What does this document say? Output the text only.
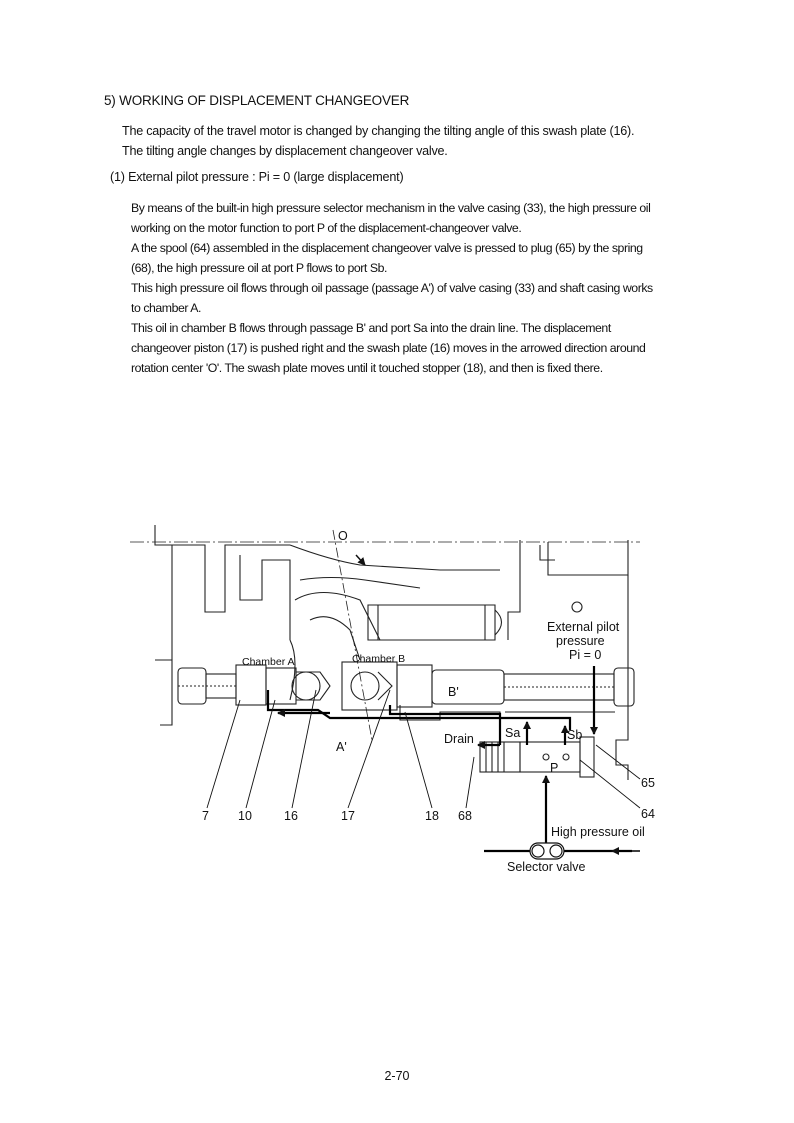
5) WORKING OF DISPLACEMENT CHANGEOVER
The capacity of the travel motor is changed by changing the tilting angle of this swash plate (16).
The tilting angle changes by displacement changeover valve.
(1) External pilot pressure : Pi = 0 (large displacement)
By means of the built-in high pressure selector mechanism in the valve casing (33), the high pressure oil
working on the motor function to port P of the displacement-changeover valve.
A the spool (64) assembled in the displacement changeover valve is pressed to plug (65) by the spring
(68), the high pressure oil at port P flows to port Sb.
This high pressure oil flows through oil passage (passage A') of valve casing (33) and shaft casing works
to chamber A.
This oil in chamber B flows through passage B' and port Sa into the drain line. The displacement
changeover piston (17) is pushed right and the swash plate (16) moves in the arrowed direction around
rotation center 'O'. The swash plate moves until it touched stopper (18), and then is fixed there.
O
Chamber A	Chamber B
B'
A'
Drain Sa	Sb
P
External pilot
pressure
Pi = 0
High pressure oil
Selector valve
7 10	16	17	18 68
65
64
2-70
